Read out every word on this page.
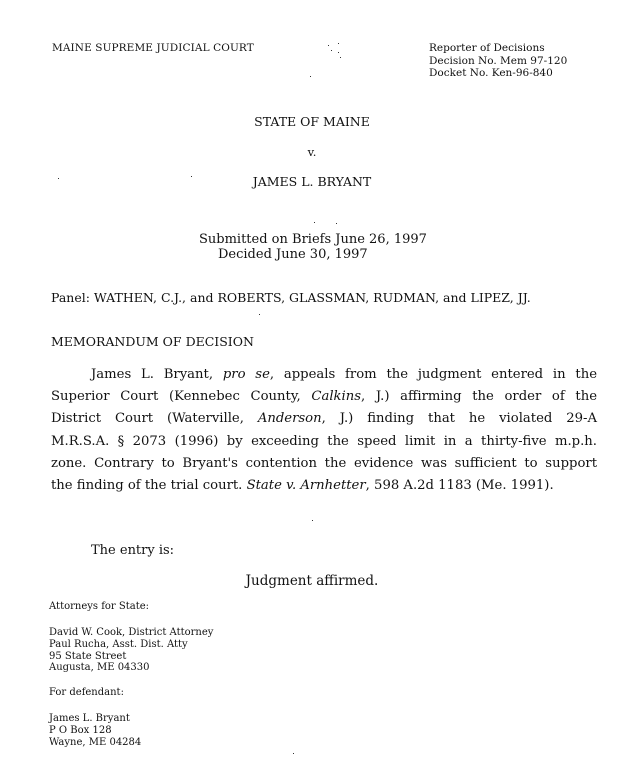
MAINE SUPREME JUDICIAL COURT	Reporter of Decisions
Decision No. Mem 97-120
Docket No. Ken-96-840
STATE OF MAINE
v.
JAMES L. BRYANT
Submitted on Briefs June 26, 1997
Decided June 30, 1997
Panel: WATHEN, C.J., and ROBERTS, GLASSMAN, RUDMAN, and LIPEZ, JJ.
MEMORANDUM OF DECISION
James L. Bryant, pro se, appeals from the judgment entered in the
Superior Court (Kennebec County, Calkins, J.) affirming the order of the
District Court (Waterville, Anderson, J.) finding that he violated 29-A
M.R.S.A. § 2073 (1996) by exceeding the speed limit in a thirty-five m.p.h.
zone. Contrary to Bryant's contention the evidence was sufficient to support
the finding of the trial court. State v. Arnhetter, 598 A.2d 1183 (Me. 1991).
The entry is:
Judgment affirmed.
Attorneys for State:
David W. Cook, District Attorney
Paul Rucha, Asst. Dist. Atty
95 State Street
Augusta, ME 04330
For defendant:
James L. Bryant
P O Box 128
Wayne, ME 04284
